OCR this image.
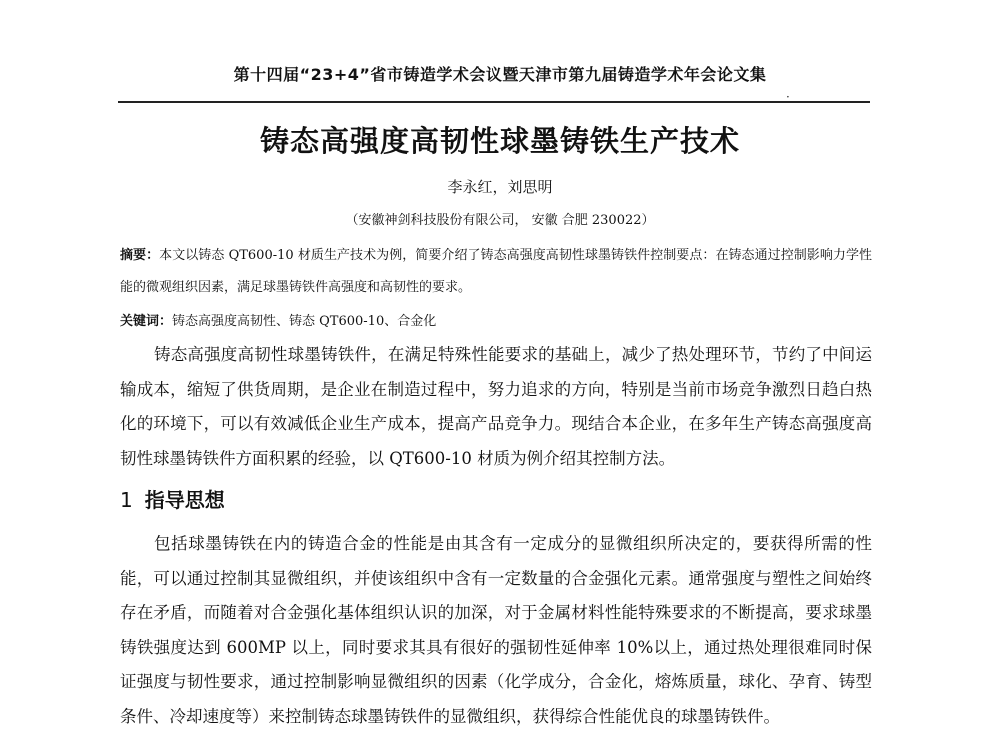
第十四届“23+4”省市铸造学术会议暨天津市第九届铸造学术年会论文集
·
铸态高强度高韧性球墨铸铁生产技术
李永红，刘思明
（安徽神剑科技股份有限公司， 安徽 合肥 230022）
摘要：本文以铸态 QT600-10 材质生产技术为例，简要介绍了铸态高强度高韧性球墨铸铁件控制要点：在铸态通过控制影响力学性能的微观组织因素，满足球墨铸铁件高强度和高韧性的要求。
关键词：铸态高强度高韧性、铸态 QT600-10、合金化

铸态高强度高韧性球墨铸铁件，在满足特殊性能要求的基础上，减少了热处理环节，节约了中间运输成本，缩短了供货周期，是企业在制造过程中，努力追求的方向，特别是当前市场竞争激烈日趋白热化的环境下，可以有效减低企业生产成本，提高产品竞争力。现结合本企业，在多年生产铸态高强度高韧性球墨铸铁件方面积累的经验，以 QT600-10 材质为例介绍其控制方法。

1 指导思想

包括球墨铸铁在内的铸造合金的性能是由其含有一定成分的显微组织所决定的，要获得所需的性能，可以通过控制其显微组织，并使该组织中含有一定数量的合金强化元素。通常强度与塑性之间始终存在矛盾，而随着对合金强化基体组织认识的加深，对于金属材料性能特殊要求的不断提高，要求球墨铸铁强度达到 600MP 以上，同时要求其具有很好的强韧性延伸率 10%以上，通过热处理很难同时保证强度与韧性要求，通过控制影响显微组织的因素（化学成分，合金化，熔炼质量，球化、孕育、铸型条件、冷却速度等）来控制铸态球墨铸铁件的显微组织，获得综合性能优良的球墨铸铁件。
